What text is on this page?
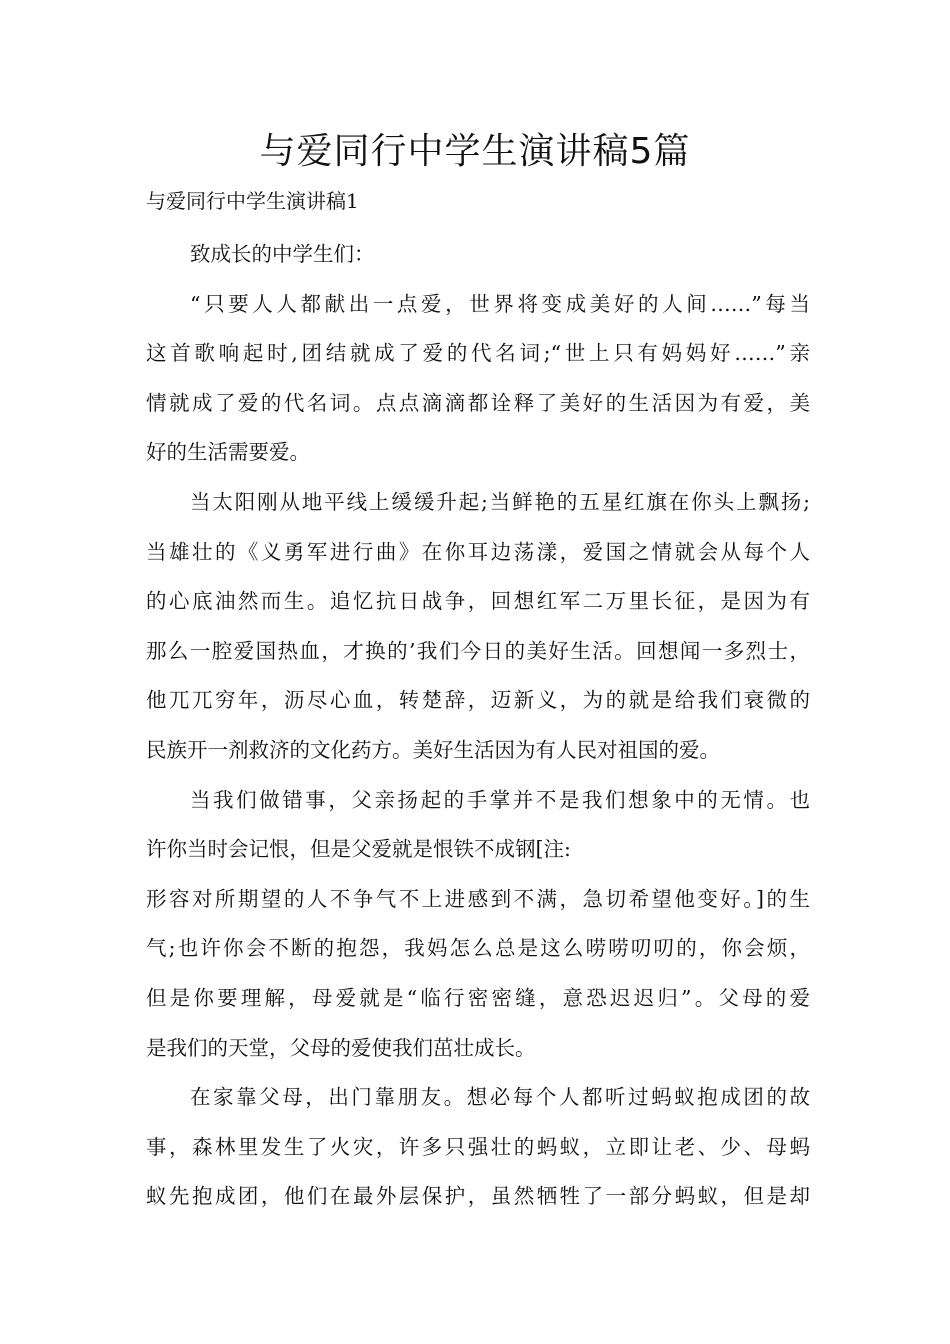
与爱同行中学生演讲稿5篇

与爱同行中学生演讲稿1

致成长的中学生们：
“只要人人都献出一点爱，世界将变成美好的人间……”每当
这首歌响起时,团结就成了爱的代名词;“世上只有妈妈好……”亲
情就成了爱的代名词。点点滴滴都诠释了美好的生活因为有爱，美
好的生活需要爱。
当太阳刚从地平线上缓缓升起;当鲜艳的五星红旗在你头上飘扬;
当雄壮的《义勇军进行曲》在你耳边荡漾，爱国之情就会从每个人
的心底油然而生。追忆抗日战争，回想红军二万里长征，是因为有
那么一腔爱国热血，才换的’我们今日的美好生活。回想闻一多烈士，
他兀兀穷年，沥尽心血，转楚辞，迈新义，为的就是给我们衰微的
民族开一剂救济的文化药方。美好生活因为有人民对祖国的爱。
当我们做错事，父亲扬起的手掌并不是我们想象中的无情。也
许你当时会记恨，但是父爱就是恨铁不成钢[注:
形容对所期望的人不争气不上进感到不满，急切希望他变好。]的生
气;也许你会不断的抱怨，我妈怎么总是这么唠唠叨叨的，你会烦，
但是你要理解，母爱就是“临行密密缝，意恐迟迟归”。父母的爱
是我们的天堂，父母的爱使我们茁壮成长。
在家靠父母，出门靠朋友。想必每个人都听过蚂蚁抱成团的故
事，森林里发生了火灾，许多只强壮的蚂蚁，立即让老、少、母蚂
蚁先抱成团，他们在最外层保护，虽然牺牲了一部分蚂蚁，但是却
